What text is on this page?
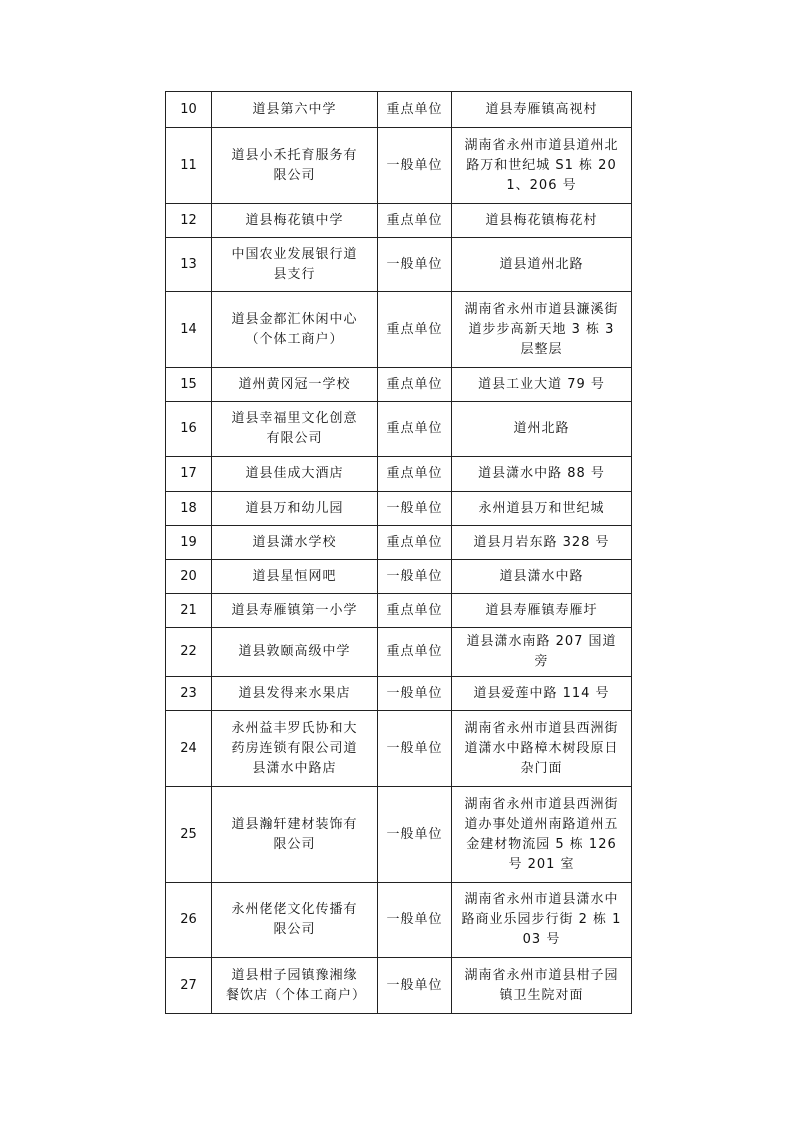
10	道县第六中学	重点单位	道县寿雁镇高视村
11	道县小禾托育服务有限公司	一般单位	湖南省永州市道县道州北路万和世纪城 S1 栋 201、206 号
12	道县梅花镇中学	重点单位	道县梅花镇梅花村
13	中国农业发展银行道县支行	一般单位	道县道州北路
14	道县金都汇休闲中心（个体工商户）	重点单位	湖南省永州市道县濂溪街道步步高新天地 3 栋 3 层整层
15	道州黄冈冠一学校	重点单位	道县工业大道 79 号
16	道县幸福里文化创意有限公司	重点单位	道州北路
17	道县佳成大酒店	重点单位	道县潇水中路 88 号
18	道县万和幼儿园	一般单位	永州道县万和世纪城
19	道县潇水学校	重点单位	道县月岩东路 328 号
20	道县星恒网吧	一般单位	道县潇水中路
21	道县寿雁镇第一小学	重点单位	道县寿雁镇寿雁圩
22	道县敦颐高级中学	重点单位	道县潇水南路 207 国道旁
23	道县发得来水果店	一般单位	道县爱莲中路 114 号
24	永州益丰罗氏协和大药房连锁有限公司道县潇水中路店	一般单位	湖南省永州市道县西洲街道潇水中路樟木树段原日杂门面
25	道县瀚轩建材装饰有限公司	一般单位	湖南省永州市道县西洲街道办事处道州南路道州五金建材物流园 5 栋 126 号 201 室
26	永州佬佬文化传播有限公司	一般单位	湖南省永州市道县潇水中路商业乐园步行街 2 栋 103 号
27	道县柑子园镇豫湘缘餐饮店（个体工商户）	一般单位	湖南省永州市道县柑子园镇卫生院对面
